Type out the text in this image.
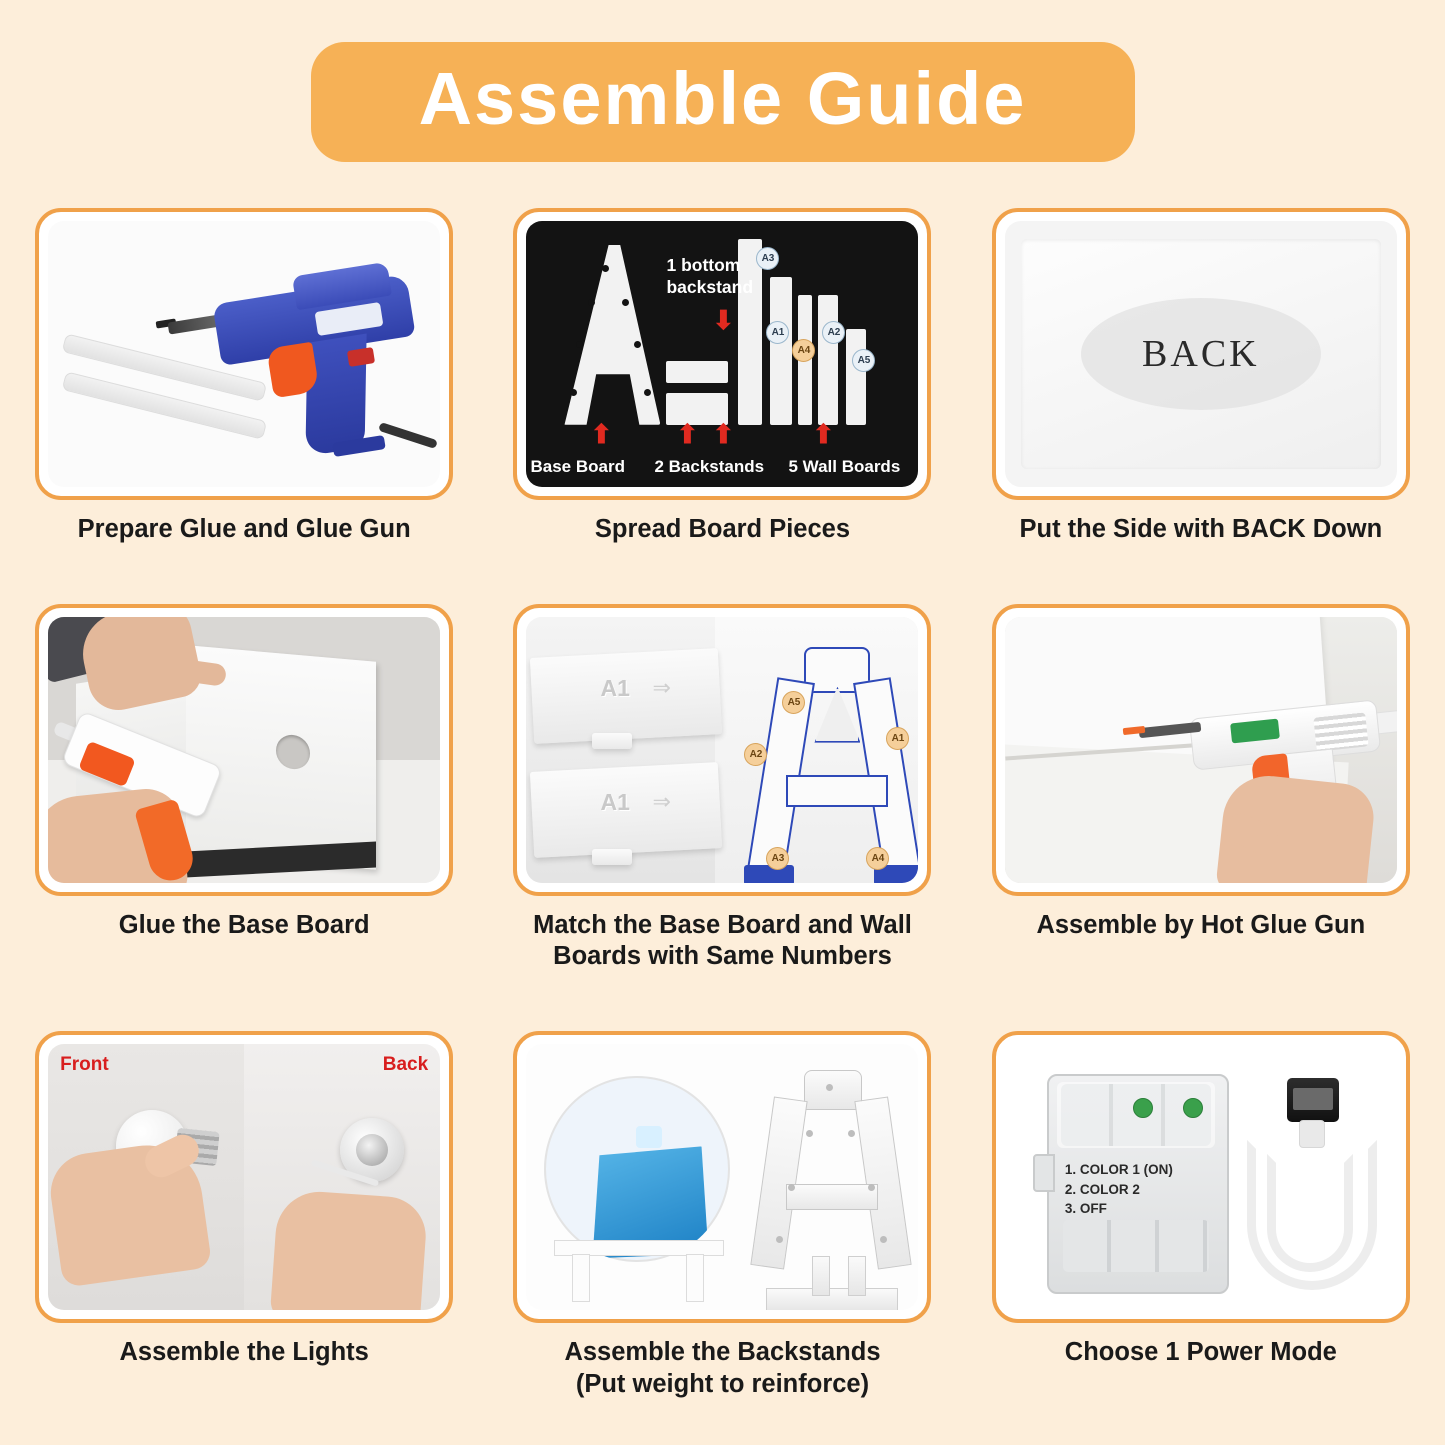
Assemble Guide
Prepare Glue and Glue Gun
A3
A1
A4
A2
A5
1 bottom
backstand
⬇
⬆ ⬆ ⬆	⬆
Base Board 2 Backstands 5 Wall Boards
Spread Board Pieces
BACK
Put the Side with BACK Down
Glue the Base Board
A1 ⇒
A1 ⇒
A5
A1
A2
A3	A4
Match the Base Board and Wall
Boards with Same Numbers
Assemble by Hot Glue Gun
Front	Back
Assemble the Lights	Assemble the Backstands
(Put weight to reinforce)
1. COLOR 1 (ON)
2. COLOR 2
3. OFF
Choose 1 Power Mode
